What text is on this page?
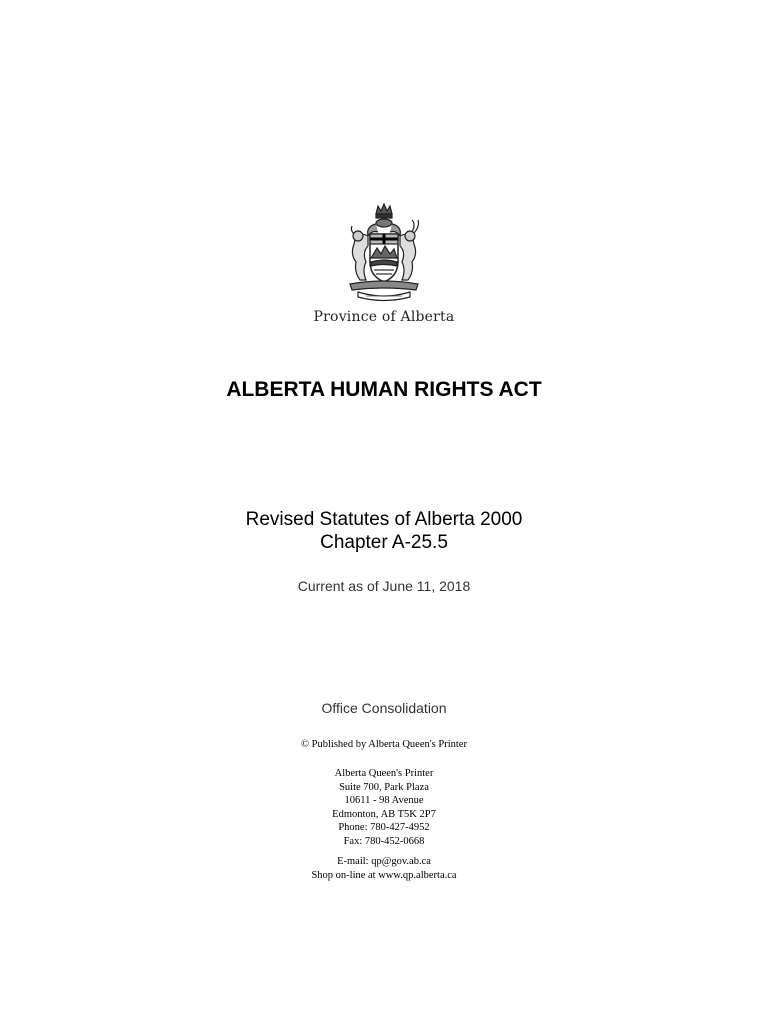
Province of Alberta
ALBERTA HUMAN RIGHTS ACT
Revised Statutes of Alberta 2000
Chapter A-25.5
Current as of June 11, 2018
Office Consolidation
© Published by Alberta Queen's Printer
Alberta Queen's Printer
Suite 700, Park Plaza
10611 - 98 Avenue
Edmonton, AB T5K 2P7
Phone: 780-427-4952
Fax: 780-452-0668
E-mail: qp@gov.ab.ca
Shop on-line at www.qp.alberta.ca
